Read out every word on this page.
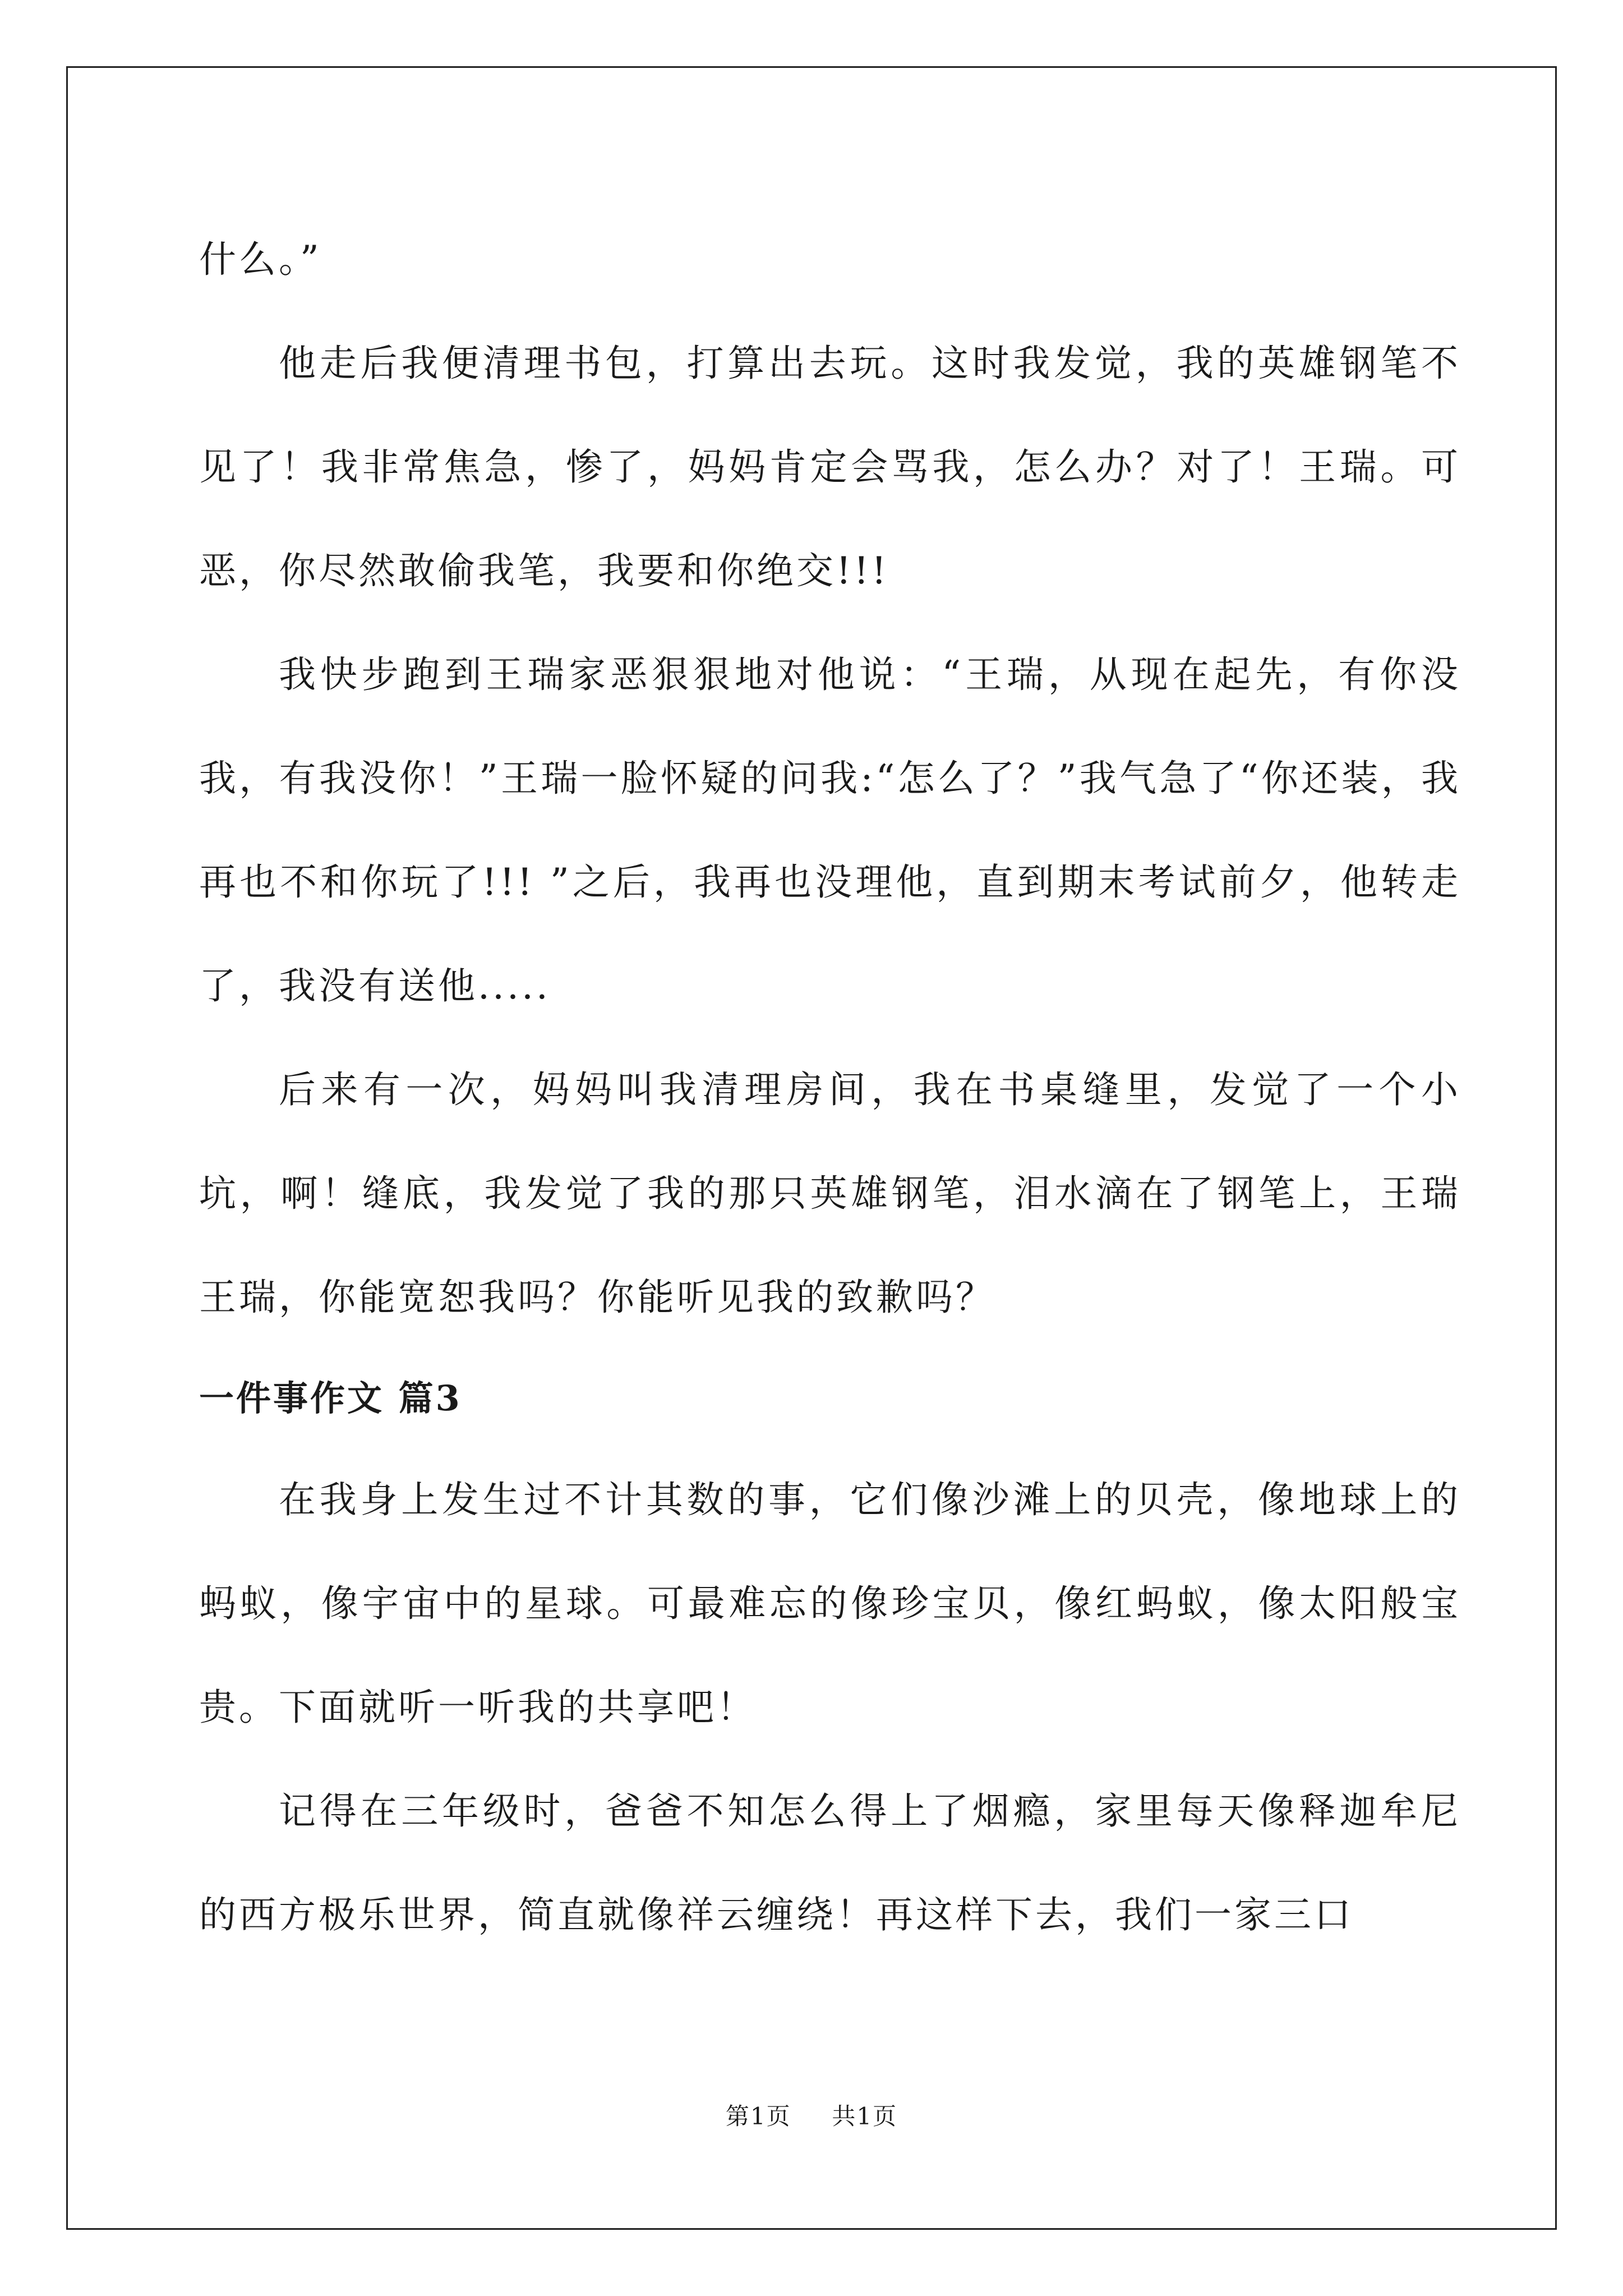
什么。”

他走后我便清理书包，打算出去玩。这时我发觉，我的英雄钢笔不见了！我非常焦急，惨了，妈妈肯定会骂我，怎么办？对了！王瑞。可恶，你尽然敢偷我笔，我要和你绝交!!!

我快步跑到王瑞家恶狠狠地对他说：“王瑞，从现在起先，有你没我，有我没你！”王瑞一脸怀疑的问我:“怎么了？”我气急了“你还装，我再也不和你玩了!!! ”之后，我再也没理他，直到期末考试前夕，他转走了，我没有送他.....

后来有一次，妈妈叫我清理房间，我在书桌缝里，发觉了一个小坑，啊！缝底，我发觉了我的那只英雄钢笔，泪水滴在了钢笔上，王瑞王瑞，你能宽恕我吗？你能听见我的致歉吗？

一件事作文 篇3

在我身上发生过不计其数的事，它们像沙滩上的贝壳，像地球上的蚂蚁，像宇宙中的星球。可最难忘的像珍宝贝，像红蚂蚁，像太阳般宝贵。下面就听一听我的共享吧！

记得在三年级时，爸爸不知怎么得上了烟瘾，家里每天像释迦牟尼的西方极乐世界，简直就像祥云缠绕！再这样下去，我们一家三口

第1页 共1页
